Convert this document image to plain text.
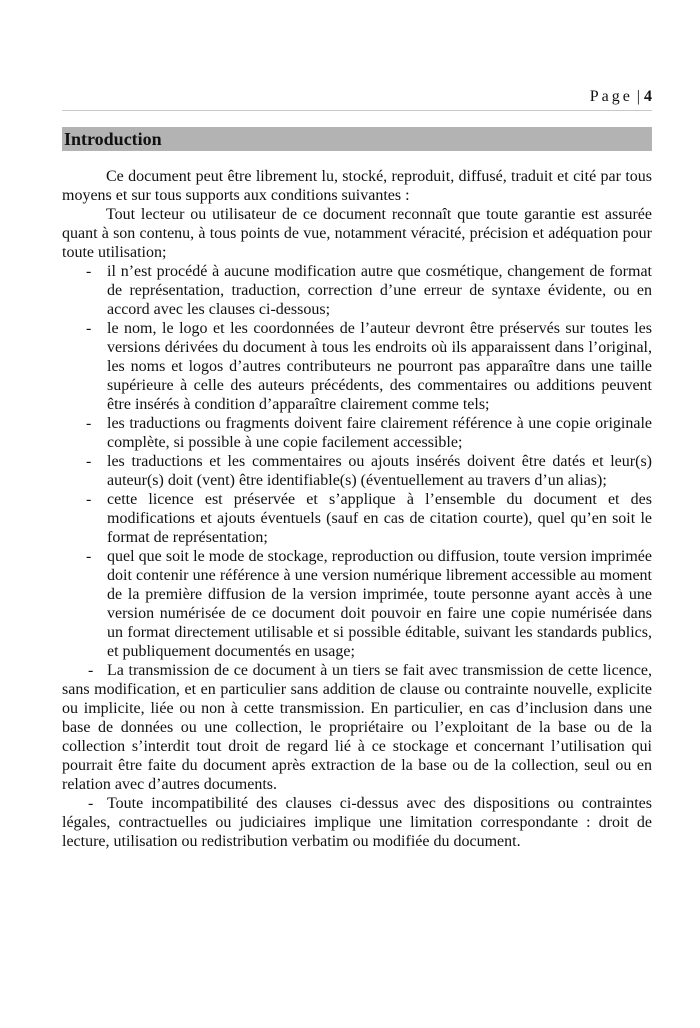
Page | 4
Introduction

Ce document peut être librement lu, stocké, reproduit, diffusé, traduit et cité par tous moyens et sur tous supports aux conditions suivantes :

Tout lecteur ou utilisateur de ce document reconnaît que toute garantie est assurée quant à son contenu, à tous points de vue, notamment véracité, précision et adéquation pour toute utilisation;

- il n’est procédé à aucune modification autre que cosmétique, changement de format de représentation, traduction, correction d’une erreur de syntaxe évidente, ou en accord avec les clauses ci-dessous;
- le nom, le logo et les coordonnées de l’auteur devront être préservés sur toutes les versions dérivées du document à tous les endroits où ils apparaissent dans l’original, les noms et logos d’autres contributeurs ne pourront pas apparaître dans une taille supérieure à celle des auteurs précédents, des commentaires ou additions peuvent être insérés à condition d’apparaître clairement comme tels;
- les traductions ou fragments doivent faire clairement référence à une copie originale complète, si possible à une copie facilement accessible;
- les traductions et les commentaires ou ajouts insérés doivent être datés et leur(s) auteur(s) doit (vent) être identifiable(s) (éventuellement au travers d’un alias);
- cette licence est préservée et s’applique à l’ensemble du document et des modifications et ajouts éventuels (sauf en cas de citation courte), quel qu’en soit le format de représentation;
- quel que soit le mode de stockage, reproduction ou diffusion, toute version imprimée doit contenir une référence à une version numérique librement accessible au moment de la première diffusion de la version imprimée, toute personne ayant accès à une version numérisée de ce document doit pouvoir en faire une copie numérisée dans un format directement utilisable et si possible éditable, suivant les standards publics, et publiquement documentés en usage;

- La transmission de ce document à un tiers se fait avec transmission de cette licence, sans modification, et en particulier sans addition de clause ou contrainte nouvelle, explicite ou implicite, liée ou non à cette transmission. En particulier, en cas d’inclusion dans une base de données ou une collection, le propriétaire ou l’exploitant de la base ou de la collection s’interdit tout droit de regard lié à ce stockage et concernant l’utilisation qui pourrait être faite du document après extraction de la base ou de la collection, seul ou en relation avec d’autres documents.

- Toute incompatibilité des clauses ci-dessus avec des dispositions ou contraintes légales, contractuelles ou judiciaires implique une limitation correspondante : droit de lecture, utilisation ou redistribution verbatim ou modifiée du document.
